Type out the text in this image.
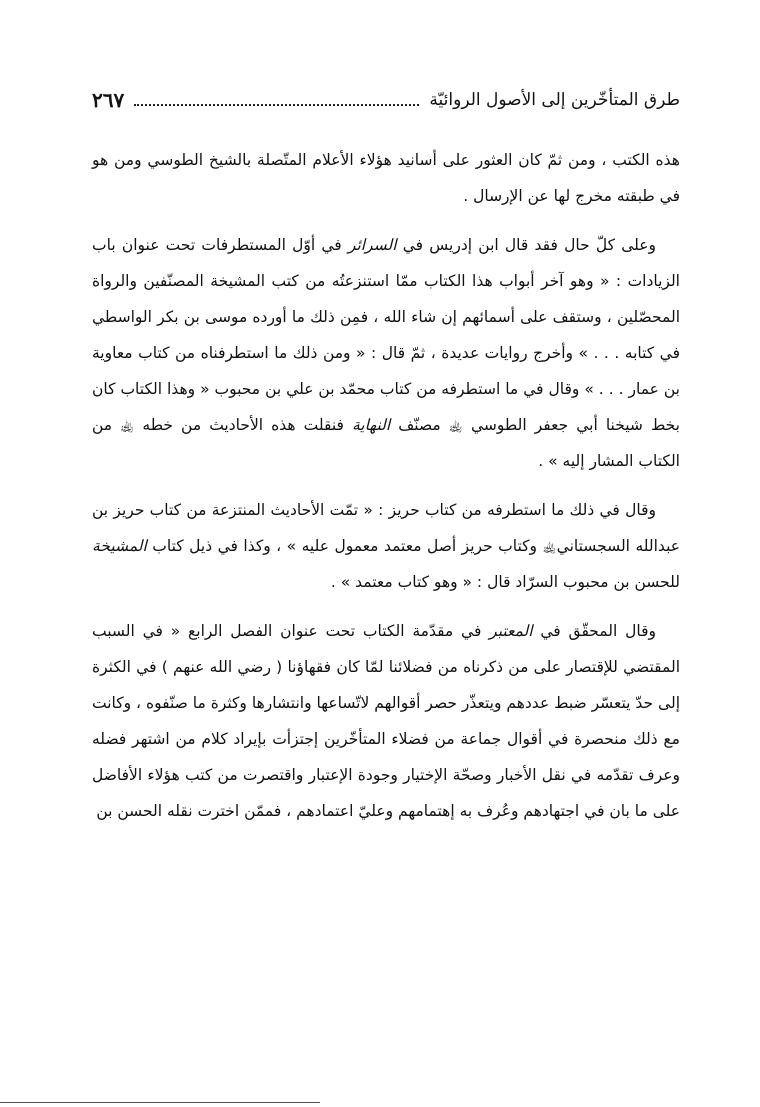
طرق المتأخّرين إلى الأصول الروائيّة
٢٦٧

هذه الكتب ، ومن ثمّ كان العثور على أسانيد هؤلاء الأعلام المتّصلة بالشيخ الطوسي ومن هو في طبقته مخرج لها عن الإرسال .

وعلى كلّ حال فقد قال ابن إدريس في السرائر في أوّل المستطرفات تحت عنوان باب الزيادات : « وهو آخر أبواب هذا الكتاب ممّا استنزعتُه من كتب المشيخة المصنّفين والرواة المحصّلين ، وستقف على أسمائهم إن شاء الله ، فمِن ذلك ما أورده موسى بن بكر الواسطي في كتابه . . . » وأخرج روايات عديدة ، ثمّ قال : « ومن ذلك ما استطرفناه من كتاب معاوية بن عمار . . . » وقال في ما استطرفه من كتاب محمّد بن علي بن محبوب « وهذا الكتاب كان بخط شيخنا أبي جعفر الطوسي ﵀ مصنّف النهاية فنقلت هذه الأحاديث من خطه ﵀ من الكتاب المشار إليه » .

وقال في ذلك ما استطرفه من كتاب حريز : « تمّت الأحاديث المنتزعة من كتاب حريز بن عبدالله السجستاني﵀ وكتاب حريز أصل معتمد معمول عليه » ، وكذا في ذيل كتاب المشيخة للحسن بن محبوب السرّاد قال : « وهو كتاب معتمد » .

وقال المحقّق في المعتبر في مقدّمة الكتاب تحت عنوان الفصل الرابع « في السبب المقتضي للإقتصار على من ذكرناه من فضلائنا لمّا كان فقهاؤنا ( رضي الله عنهم ) في الكثرة إلى حدّ يتعسّر ضبط عددهم ويتعذّر حصر أقوالهم لاتّساعها وانتشارها وكثرة ما صنّفوه ، وكانت مع ذلك منحصرة في أقوال جماعة من فضلاء المتأخّرين إجتزأت بإيراد كلام من اشتهر فضله وعرف تقدّمه في نقل الأخبار وصحّة الإختيار وجودة الإعتبار واقتصرت من كتب هؤلاء الأفاضل على ما بان في اجتهادهم وعُرف به إهتمامهم وعليّ اعتمادهم ، فممّن اخترت نقله الحسن بن
